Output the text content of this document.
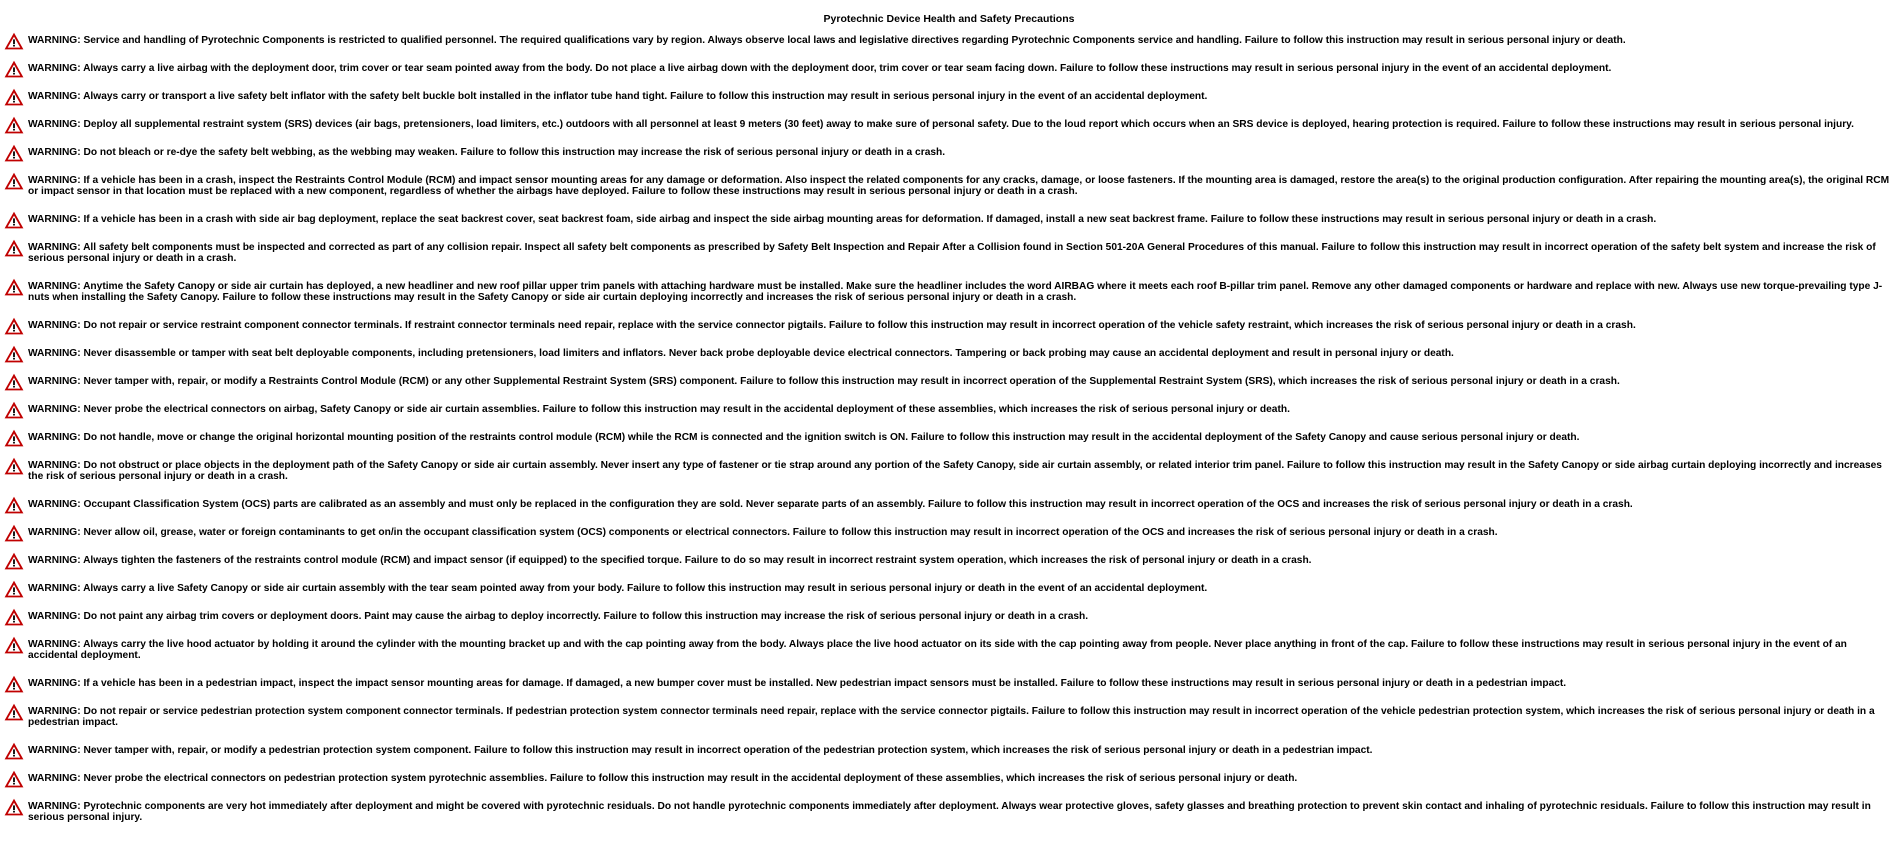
Pyrotechnic Device Health and Safety Precautions
WARNING: Service and handling of Pyrotechnic Components is restricted to qualified personnel. The required qualifications vary by region. Always observe local laws and legislative directives regarding Pyrotechnic Components service and handling. Failure to follow this instruction may result in serious personal injury or death.
WARNING: Always carry a live airbag with the deployment door, trim cover or tear seam pointed away from the body. Do not place a live airbag down with the deployment door, trim cover or tear seam facing down. Failure to follow these instructions may result in serious personal injury in the event of an accidental deployment.
WARNING: Always carry or transport a live safety belt inflator with the safety belt buckle bolt installed in the inflator tube hand tight. Failure to follow this instruction may result in serious personal injury in the event of an accidental deployment.
WARNING: Deploy all supplemental restraint system (SRS) devices (air bags, pretensioners, load limiters, etc.) outdoors with all personnel at least 9 meters (30 feet) away to make sure of personal safety. Due to the loud report which occurs when an SRS device is deployed, hearing protection is required. Failure to follow these instructions may result in serious personal injury.
WARNING: Do not bleach or re-dye the safety belt webbing, as the webbing may weaken. Failure to follow this instruction may increase the risk of serious personal injury or death in a crash.
WARNING: If a vehicle has been in a crash, inspect the Restraints Control Module (RCM) and impact sensor mounting areas for any damage or deformation. Also inspect the related components for any cracks, damage, or loose fasteners. If the mounting area is damaged, restore the area(s) to the original production configuration. After repairing the mounting area(s), the original RCM or impact sensor in that location must be replaced with a new component, regardless of whether the airbags have deployed. Failure to follow these instructions may result in serious personal injury or death in a crash.
WARNING: If a vehicle has been in a crash with side air bag deployment, replace the seat backrest cover, seat backrest foam, side airbag and inspect the side airbag mounting areas for deformation. If damaged, install a new seat backrest frame. Failure to follow these instructions may result in serious personal injury or death in a crash.
WARNING: All safety belt components must be inspected and corrected as part of any collision repair. Inspect all safety belt components as prescribed by Safety Belt Inspection and Repair After a Collision found in Section 501-20A General Procedures of this manual. Failure to follow this instruction may result in incorrect operation of the safety belt system and increase the risk of serious personal injury or death in a crash.
WARNING: Anytime the Safety Canopy or side air curtain has deployed, a new headliner and new roof pillar upper trim panels with attaching hardware must be installed. Make sure the headliner includes the word AIRBAG where it meets each roof B-pillar trim panel. Remove any other damaged components or hardware and replace with new. Always use new torque-prevailing type J-nuts when installing the Safety Canopy. Failure to follow these instructions may result in the Safety Canopy or side air curtain deploying incorrectly and increases the risk of serious personal injury or death in a crash.
WARNING: Do not repair or service restraint component connector terminals. If restraint connector terminals need repair, replace with the service connector pigtails. Failure to follow this instruction may result in incorrect operation of the vehicle safety restraint, which increases the risk of serious personal injury or death in a crash.
WARNING: Never disassemble or tamper with seat belt deployable components, including pretensioners, load limiters and inflators. Never back probe deployable device electrical connectors. Tampering or back probing may cause an accidental deployment and result in personal injury or death.
WARNING: Never tamper with, repair, or modify a Restraints Control Module (RCM) or any other Supplemental Restraint System (SRS) component. Failure to follow this instruction may result in incorrect operation of the Supplemental Restraint System (SRS), which increases the risk of serious personal injury or death in a crash.
WARNING: Never probe the electrical connectors on airbag, Safety Canopy or side air curtain assemblies. Failure to follow this instruction may result in the accidental deployment of these assemblies, which increases the risk of serious personal injury or death.
WARNING: Do not handle, move or change the original horizontal mounting position of the restraints control module (RCM) while the RCM is connected and the ignition switch is ON. Failure to follow this instruction may result in the accidental deployment of the Safety Canopy and cause serious personal injury or death.
WARNING: Do not obstruct or place objects in the deployment path of the Safety Canopy or side air curtain assembly. Never insert any type of fastener or tie strap around any portion of the Safety Canopy, side air curtain assembly, or related interior trim panel. Failure to follow this instruction may result in the Safety Canopy or side airbag curtain deploying incorrectly and increases the risk of serious personal injury or death in a crash.
WARNING: Occupant Classification System (OCS) parts are calibrated as an assembly and must only be replaced in the configuration they are sold. Never separate parts of an assembly. Failure to follow this instruction may result in incorrect operation of the OCS and increases the risk of serious personal injury or death in a crash.
WARNING: Never allow oil, grease, water or foreign contaminants to get on/in the occupant classification system (OCS) components or electrical connectors. Failure to follow this instruction may result in incorrect operation of the OCS and increases the risk of serious personal injury or death in a crash.
WARNING: Always tighten the fasteners of the restraints control module (RCM) and impact sensor (if equipped) to the specified torque. Failure to do so may result in incorrect restraint system operation, which increases the risk of personal injury or death in a crash.
WARNING: Always carry a live Safety Canopy or side air curtain assembly with the tear seam pointed away from your body. Failure to follow this instruction may result in serious personal injury or death in the event of an accidental deployment.
WARNING: Do not paint any airbag trim covers or deployment doors. Paint may cause the airbag to deploy incorrectly. Failure to follow this instruction may increase the risk of serious personal injury or death in a crash.
WARNING: Always carry the live hood actuator by holding it around the cylinder with the mounting bracket up and with the cap pointing away from the body. Always place the live hood actuator on its side with the cap pointing away from people. Never place anything in front of the cap. Failure to follow these instructions may result in serious personal injury in the event of an accidental deployment.
WARNING: If a vehicle has been in a pedestrian impact, inspect the impact sensor mounting areas for damage. If damaged, a new bumper cover must be installed. New pedestrian impact sensors must be installed. Failure to follow these instructions may result in serious personal injury or death in a pedestrian impact.
WARNING: Do not repair or service pedestrian protection system component connector terminals. If pedestrian protection system connector terminals need repair, replace with the service connector pigtails. Failure to follow this instruction may result in incorrect operation of the vehicle pedestrian protection system, which increases the risk of serious personal injury or death in a pedestrian impact.
WARNING: Never tamper with, repair, or modify a pedestrian protection system component. Failure to follow this instruction may result in incorrect operation of the pedestrian protection system, which increases the risk of serious personal injury or death in a pedestrian impact.
WARNING: Never probe the electrical connectors on pedestrian protection system pyrotechnic assemblies. Failure to follow this instruction may result in the accidental deployment of these assemblies, which increases the risk of serious personal injury or death.
WARNING: Pyrotechnic components are very hot immediately after deployment and might be covered with pyrotechnic residuals. Do not handle pyrotechnic components immediately after deployment. Always wear protective gloves, safety glasses and breathing protection to prevent skin contact and inhaling of pyrotechnic residuals. Failure to follow this instruction may result in serious personal injury.
